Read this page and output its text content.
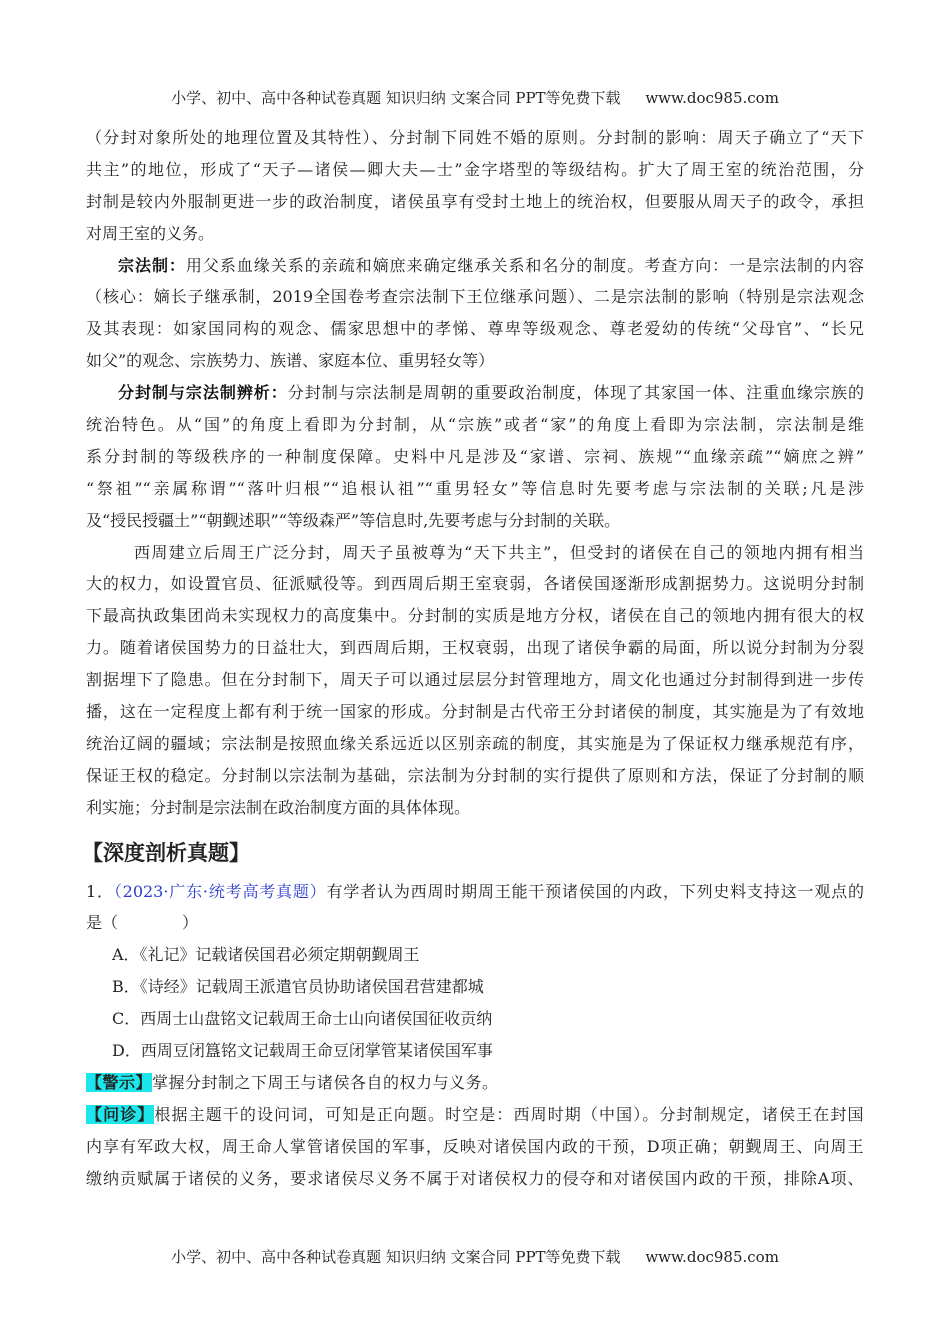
小学、初中、高中各种试卷真题 知识归纳 文案合同 PPT等免费下载 www.doc985.com
（分封对象所处的地理位置及其特性）、分封制下同姓不婚的原则。分封制的影响：周天子确立了“天下
共主”的地位，形成了“天子—诸侯—卿大夫—士”金字塔型的等级结构。扩大了周王室的统治范围，分
封制是较内外服制更进一步的政治制度，诸侯虽享有受封土地上的统治权，但要服从周天子的政令，承担
对周王室的义务。
宗法制：用父系血缘关系的亲疏和嫡庶来确定继承关系和名分的制度。考查方向：一是宗法制的内容
（核心：嫡长子继承制，2019全国卷考查宗法制下王位继承问题）、二是宗法制的影响（特别是宗法观念
及其表现：如家国同构的观念、儒家思想中的孝悌、尊卑等级观念、尊老爱幼的传统“父母官”、“长兄
如父”的观念、宗族势力、族谱、家庭本位、重男轻女等）
分封制与宗法制辨析：分封制与宗法制是周朝的重要政治制度，体现了其家国一体、注重血缘宗族的
统治特色。从“国”的角度上看即为分封制，从“宗族”或者“家”的角度上看即为宗法制，宗法制是维
系分封制的等级秩序的一种制度保障。史料中凡是涉及“家谱、宗祠、族规”“血缘亲疏”“嫡庶之辨”
“祭祖”“亲属称谓”“落叶归根”“追根认祖”“重男轻女”等信息时先要考虑与宗法制的关联;凡是涉
及“授民授疆土”“朝觐述职”“等级森严”等信息时,先要考虑与分封制的关联。
西周建立后周王广泛分封，周天子虽被尊为“天下共主”，但受封的诸侯在自己的领地内拥有相当
大的权力，如设置官员、征派赋役等。到西周后期王室衰弱，各诸侯国逐渐形成割据势力。这说明分封制
下最高执政集团尚未实现权力的高度集中。分封制的实质是地方分权，诸侯在自己的领地内拥有很大的权
力。随着诸侯国势力的日益壮大，到西周后期，王权衰弱，出现了诸侯争霸的局面，所以说分封制为分裂
割据埋下了隐患。但在分封制下，周天子可以通过层层分封管理地方，周文化也通过分封制得到进一步传
播，这在一定程度上都有利于统一国家的形成。分封制是古代帝王分封诸侯的制度，其实施是为了有效地
统治辽阔的疆域；宗法制是按照血缘关系远近以区别亲疏的制度，其实施是为了保证权力继承规范有序，
保证王权的稳定。分封制以宗法制为基础，宗法制为分封制的实行提供了原则和方法，保证了分封制的顺
利实施；分封制是宗法制在政治制度方面的具体体现。
【深度剖析真题】
1．（2023·广东·统考高考真题）有学者认为西周时期周王能干预诸侯国的内政，下列史料支持这一观点的
是（　　　　）
A．《礼记》记载诸侯国君必须定期朝觐周王
B．《诗经》记载周王派遣官员协助诸侯国君营建都城
C．西周士山盘铭文记载周王命士山向诸侯国征收贡纳
D．西周豆闭簋铭文记载周王命豆闭掌管某诸侯国军事
【警示】掌握分封制之下周王与诸侯各自的权力与义务。
【问诊】根据主题干的设问词，可知是正向题。时空是：西周时期（中国）。分封制规定，诸侯王在封国
内享有军政大权，周王命人掌管诸侯国的军事，反映对诸侯国内政的干预，D项正确；朝觐周王、向周王
缴纳贡赋属于诸侯的义务，要求诸侯尽义务不属于对诸侯权力的侵夺和对诸侯国内政的干预，排除A项、
小学、初中、高中各种试卷真题 知识归纳 文案合同 PPT等免费下载 www.doc985.com
